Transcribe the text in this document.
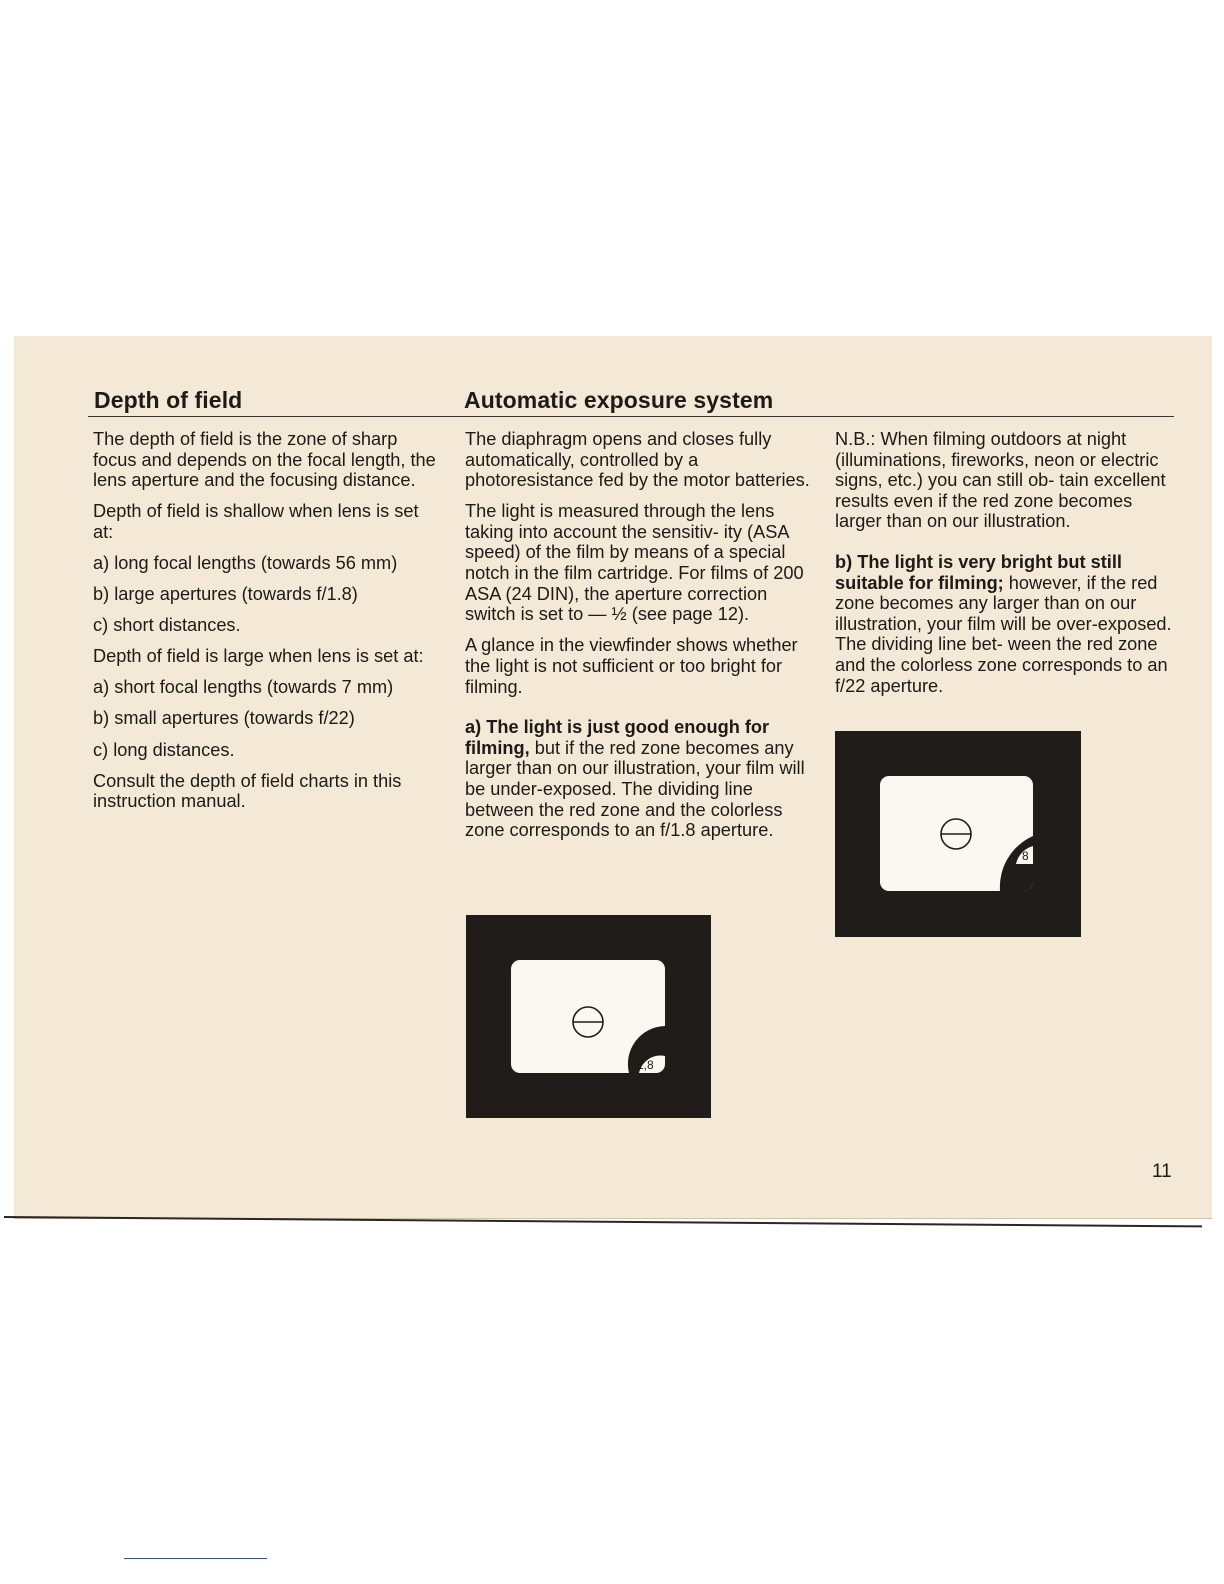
Depth of field	Automatic exposure system

The depth of field is the zone of sharp focus and depends on the focal length, the lens aperture and the focusing distance.

Depth of field is shallow when lens is set at:

a) long focal lengths (towards 56 mm)

b) large apertures (towards f/1.8)

c) short distances.

Depth of field is large when lens is set at:

a) short focal lengths (towards 7 mm)

b) small apertures (towards f/22)

c) long distances.

Consult the depth of field charts in this instruction manual.

The diaphragm opens and closes fully automatically, controlled by a photoresistance fed by the motor batteries.

The light is measured through the lens taking into account the sensitiv- ity (ASA speed) of the film by means of a special notch in the film cartridge. For films of 200 ASA (24 DIN), the aperture correction switch is set to — ½ (see page 12).

A glance in the viewfinder shows whether the light is not sufficient or too bright for filming.

a) The light is just good enough for filming, but if the red zone becomes any larger than on our illustration, your film will be under-exposed. The dividing line between the red zone and the colorless zone corresponds to an f/1.8 aperture.

1,8

N.B.: When filming outdoors at night (illuminations, fireworks, neon or electric signs, etc.) you can still ob- tain excellent results even if the red zone becomes larger than on our illustration.

b) The light is very bright but still suitable for filming; however, if the red zone becomes any larger than on our illustration, your film will be over-exposed. The dividing line bet- ween the red zone and the colorless zone corresponds to an f/22 aperture.

8
16
11
